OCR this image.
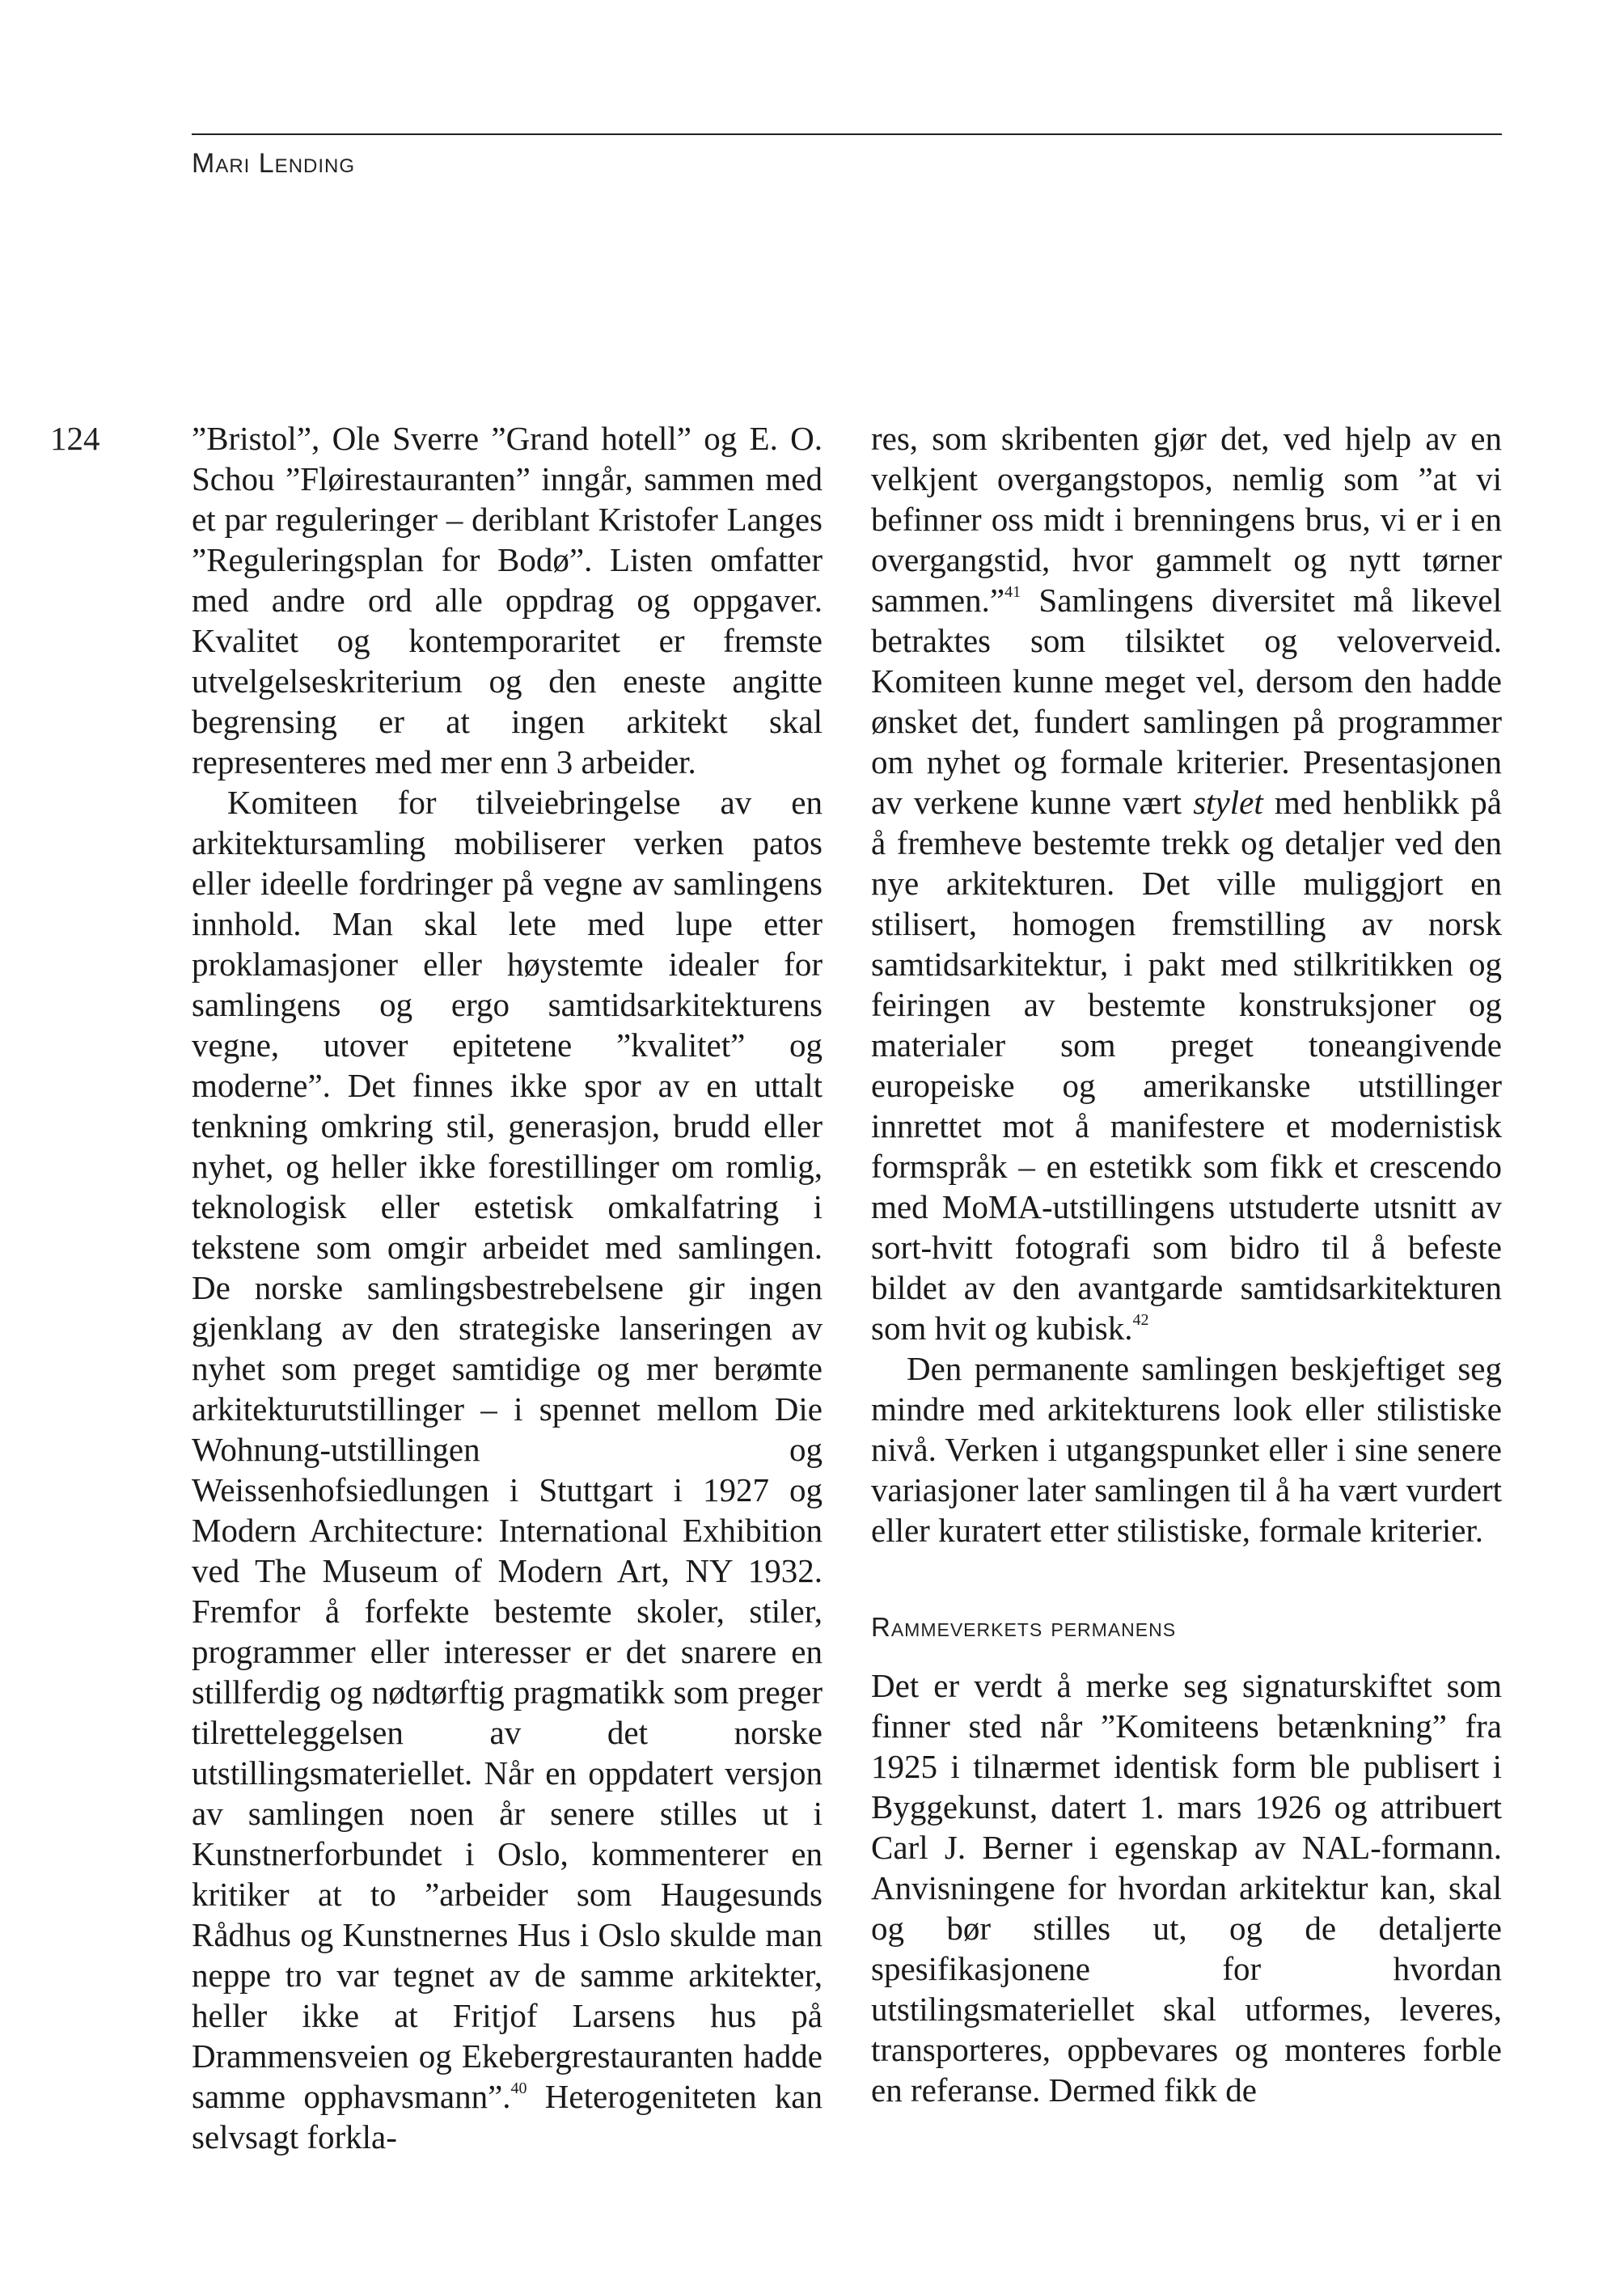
Mari Lending
124	”Bristol”, Ole Sverre ”Grand hotell” og E. O. Schou ”Fløirestauranten” inngår, sammen med et par reguleringer – deriblant Kristofer Langes ”Reguleringsplan for Bodø”. Listen omfatter med andre ord alle oppdrag og oppgaver. Kvalitet og kontemporaritet er fremste utvelgelseskriterium og den eneste angitte begrensing er at ingen arkitekt skal representeres med mer enn 3 arbeider.

Komiteen for tilveiebringelse av en arkitektursamling mobiliserer verken patos eller ideelle fordringer på vegne av samlingens innhold. Man skal lete med lupe etter proklamasjoner eller høystemte idealer for samlingens og ergo samtidsarkitekturens vegne, utover epitetene ”kvalitet” og moderne”. Det finnes ikke spor av en uttalt tenkning omkring stil, generasjon, brudd eller nyhet, og heller ikke forestillinger om romlig, teknologisk eller estetisk omkalfatring i tekstene som omgir arbeidet med samlingen. De norske samlingsbestrebelsene gir ingen gjenklang av den strategiske lanseringen av nyhet som preget samtidige og mer berømte arkitekturutstillinger – i spennet mellom Die Wohnung-utstillingen og Weissenhofsiedlungen i Stuttgart i 1927 og Modern Architecture: International Exhibition ved The Museum of Modern Art, NY 1932. Fremfor å forfekte bestemte skoler, stiler, programmer eller interesser er det snarere en stillferdig og nødtørftig pragmatikk som preger tilretteleggelsen av det norske utstillingsmateriellet. Når en oppdatert versjon av samlingen noen år senere stilles ut i Kunstnerforbundet i Oslo, kommenterer en kritiker at to ”arbeider som Haugesunds Rådhus og Kunstnernes Hus i Oslo skulde man neppe tro var tegnet av de samme arkitekter, heller ikke at Fritjof Larsens hus på Drammensveien og Ekebergrestauranten hadde samme opphavsmann”.$^{40}$ Heterogeniteten kan selvsagt forkla-

res, som skribenten gjør det, ved hjelp av en velkjent overgangstopos, nemlig som ”at vi befinner oss midt i brenningens brus, vi er i en overgangstid, hvor gammelt og nytt tørner sammen.”$^{41}$ Samlingens diversitet må likevel betraktes som tilsiktet og veloverveid. Komiteen kunne meget vel, dersom den hadde ønsket det, fundert samlingen på programmer om nyhet og formale kriterier. Presentasjonen av verkene kunne vært stylet med henblikk på å fremheve bestemte trekk og detaljer ved den nye arkitekturen. Det ville muliggjort en stilisert, homogen fremstilling av norsk samtidsarkitektur, i pakt med stilkritikken og feiringen av bestemte konstruksjoner og materialer som preget toneangivende europeiske og amerikanske utstillinger innrettet mot å manifestere et modernistisk formspråk – en estetikk som fikk et crescendo med MoMA-utstillingens utstuderte utsnitt av sort-hvitt fotografi som bidro til å befeste bildet av den avantgarde samtidsarkitekturen som hvit og kubisk.$^{42}$

Den permanente samlingen beskjeftiget seg mindre med arkitekturens look eller stilistiske nivå. Verken i utgangspunket eller i sine senere variasjoner later samlingen til å ha vært vurdert eller kuratert etter stilistiske, formale kriterier.

Rammeverkets permanens

Det er verdt å merke seg signaturskiftet som finner sted når ”Komiteens betænkning” fra 1925 i tilnærmet identisk form ble publisert i Byggekunst, datert 1. mars 1926 og attribuert Carl J. Berner i egenskap av NAL-formann. Anvisningene for hvordan arkitektur kan, skal og bør stilles ut, og de detaljerte spesifikasjonene for hvordan utstilingsmateriellet skal utformes, leveres, transporteres, oppbevares og monteres forble en referanse. Dermed fikk de
